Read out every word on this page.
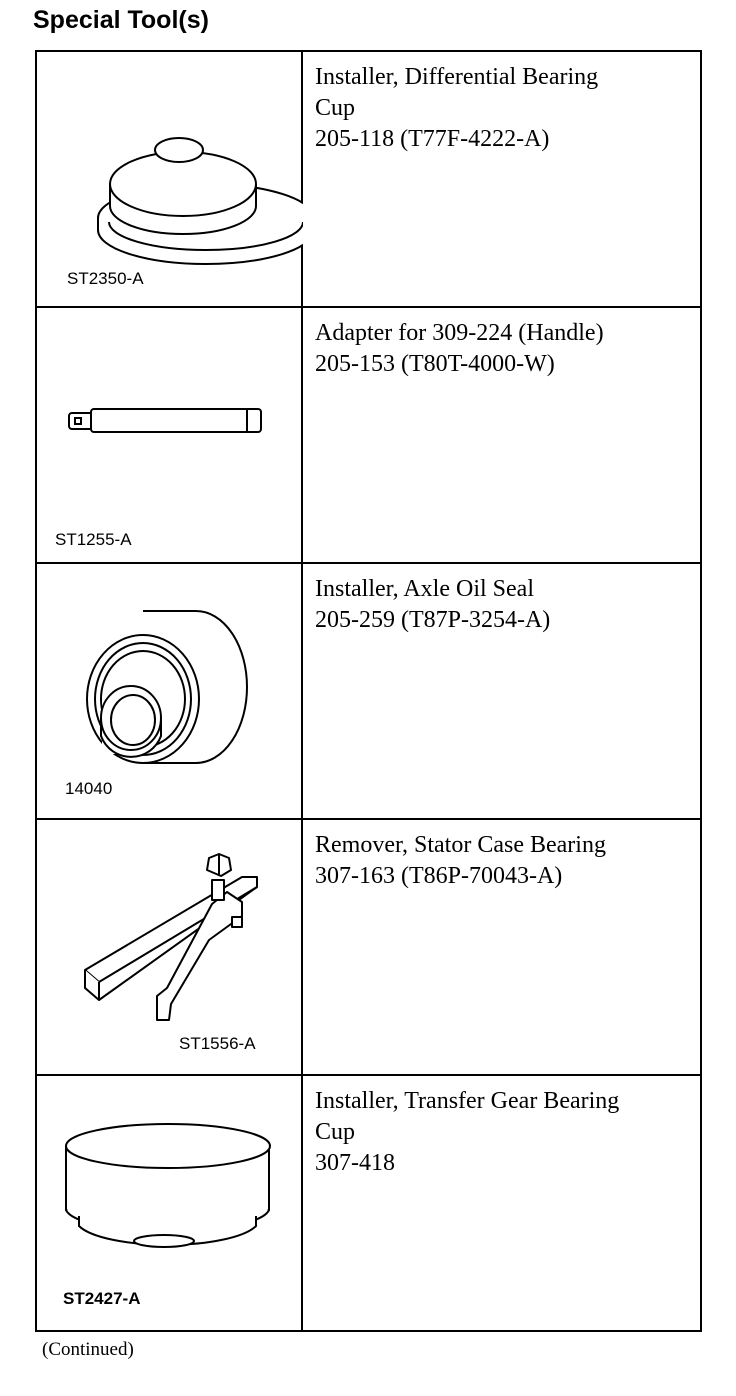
Special Tool(s)
ST2350-A	Installer, Differential Bearing
Cup
205-118 (T77F-4222-A)

ST1255-A	Adapter for 309-224 (Handle)
205-153 (T80T-4000-W)

14040	Installer, Axle Oil Seal
205-259 (T87P-3254-A)

ST1556-A	Remover, Stator Case Bearing
307-163 (T86P-70043-A)

ST2427-A	Installer, Transfer Gear Bearing
Cup
307-418
(Continued)
